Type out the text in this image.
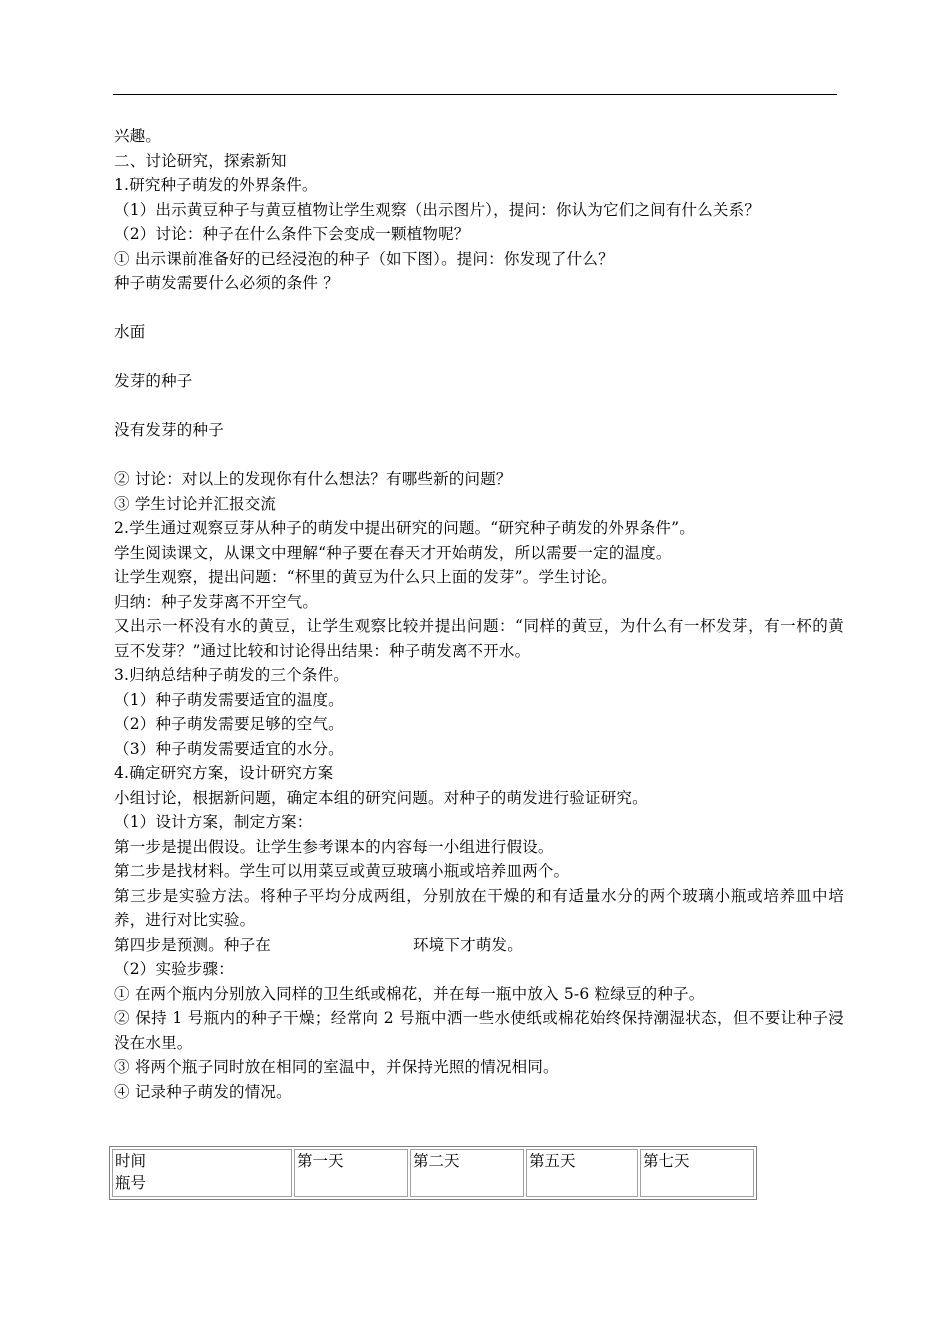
兴趣。

二、讨论研究，探索新知

1.研究种子萌发的外界条件。

（1）出示黄豆种子与黄豆植物让学生观察（出示图片），提问：你认为它们之间有什么关系？

（2）讨论：种子在什么条件下会变成一颗植物呢？

① 出示课前准备好的已经浸泡的种子（如下图）。提问：你发现了什么？

种子萌发需要什么必须的条件 ？

水面

发芽的种子

没有发芽的种子

② 讨论：对以上的发现你有什么想法？有哪些新的问题？

③ 学生讨论并汇报交流

2.学生通过观察豆芽从种子的萌发中提出研究的问题。“研究种子萌发的外界条件”。

学生阅读课文，从课文中理解“种子要在春天才开始萌发，所以需要一定的温度。

让学生观察，提出问题：“杯里的黄豆为什么只上面的发芽”。学生讨论。

归纳：种子发芽离不开空气。

又出示一杯没有水的黄豆，让学生观察比较并提出问题：“同样的黄豆，为什么有一杯发芽，有一杯的黄豆不发芽？”通过比较和讨论得出结果：种子萌发离不开水。

3.归纳总结种子萌发的三个条件。

（1）种子萌发需要适宜的温度。

（2）种子萌发需要足够的空气。

（3）种子萌发需要适宜的水分。

4.确定研究方案，设计研究方案

小组讨论，根据新问题，确定本组的研究问题。对种子的萌发进行验证研究。

（1）设计方案，制定方案：

第一步是提出假设。让学生参考课本的内容每一小组进行假设。

第二步是找材料。学生可以用菜豆或黄豆玻璃小瓶或培养皿两个。

第三步是实验方法。将种子平均分成两组，分别放在干燥的和有适量水分的两个玻璃小瓶或培养皿中培养，进行对比实验。

第四步是预测。种子在	环境下才萌发。

（2）实验步骤：

① 在两个瓶内分别放入同样的卫生纸或棉花，并在每一瓶中放入 5-6 粒绿豆的种子。

② 保持 1 号瓶内的种子干燥；经常向 2 号瓶中洒一些水使纸或棉花始终保持潮湿状态，但不要让种子浸没在水里。

③ 将两个瓶子同时放在相同的室温中，并保持光照的情况相同。

④ 记录种子萌发的情况。

时间
瓶号
	第一天	第二天	第五天	第七天
